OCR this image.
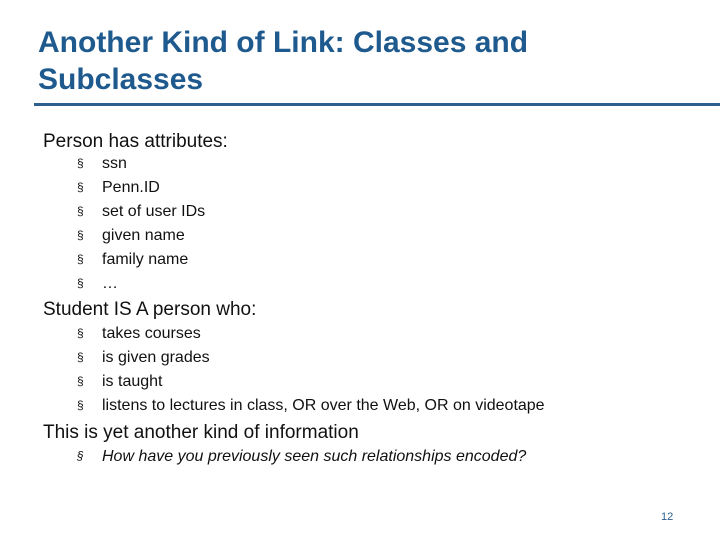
Another Kind of Link: Classes and Subclasses
Person has attributes:
§ ssn
§ Penn.ID
§ set of user IDs
§ given name
§ family name
§ …
Student IS A person who:
§ takes courses
§ is given grades
§ is taught
§ listens to lectures in class, OR over the Web, OR on videotape
This is yet another kind of information
§ How have you previously seen such relationships encoded?
12
